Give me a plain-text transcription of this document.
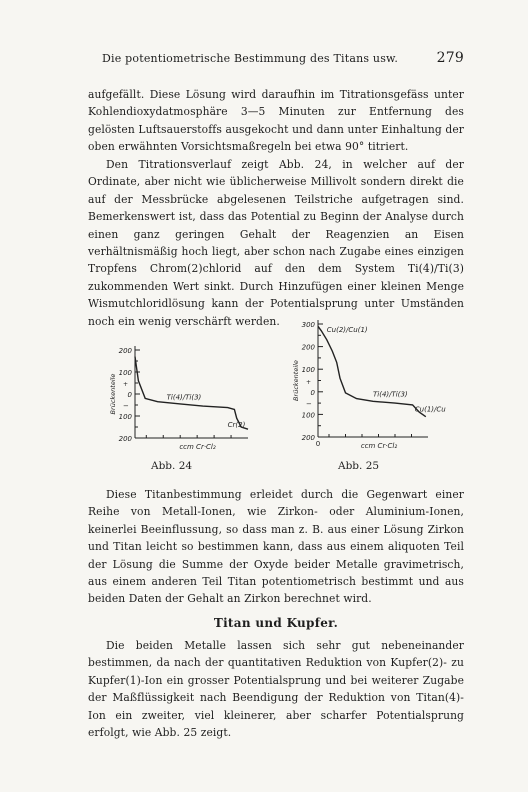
Die potentiometrische Bestimmung des Titans usw.	279

aufgefällt. Diese Lösung wird daraufhin im Titrationsgefäss unter Kohlendioxydatmosphäre 3—5 Minuten zur Entfernung des gelösten Luftsauerstoffs ausgekocht und dann unter Einhaltung der oben erwähnten Vorsichtsmaßregeln bei etwa 90° titriert.

Den Titrationsverlauf zeigt Abb. 24, in welcher auf der Ordinate, aber nicht wie üblicherweise Millivolt sondern direkt die auf der Messbrücke abgelesenen Teilstriche aufgetragen sind. Bemerkenswert ist, dass das Potential zu Beginn der Analyse durch einen ganz geringen Gehalt der Reagenzien an Eisen verhältnismäßig hoch liegt, aber schon nach Zugabe eines einzigen Tropfens Chrom(2)chlorid auf den dem System Ti(4)/Ti(3) zukommenden Wert sinkt. Durch Hinzufügen einer kleinen Menge Wismutchloridlösung kann der Potentialsprung unter Umständen noch ein wenig verschärft werden.

200
100
0
100
200
+
−
Brückenteile
ccm Cr·Cl₂
Ti(4)/Ti(3)
Cr(2)
Abb. 24
300
200
100
0
100
200
0
+
−
Brückenteile
ccm Cr·Cl₂
Cu(2)/Cu(1)
Ti(4)/Ti(3)
Cu(1)/Cu
Abb. 25

Diese Titanbestimmung erleidet durch die Gegenwart einer Reihe von Metall-Ionen, wie Zirkon- oder Aluminium-Ionen, keinerlei Beeinflussung, so dass man z. B. aus einer Lösung Zirkon und Titan leicht so bestimmen kann, dass aus einem aliquoten Teil der Lösung die Summe der Oxyde beider Metalle gravimetrisch, aus einem anderen Teil Titan potentiometrisch bestimmt und aus beiden Daten der Gehalt an Zirkon berechnet wird.

Titan und Kupfer.

Die beiden Metalle lassen sich sehr gut nebeneinander bestimmen, da nach der quantitativen Reduktion von Kupfer(2)- zu Kupfer(1)-Ion ein grosser Potentialsprung und bei weiterer Zugabe der Maßflüssigkeit nach Beendigung der Reduktion von Titan(4)-Ion ein zweiter, viel kleinerer, aber scharfer Potentialsprung erfolgt, wie Abb. 25 zeigt.
